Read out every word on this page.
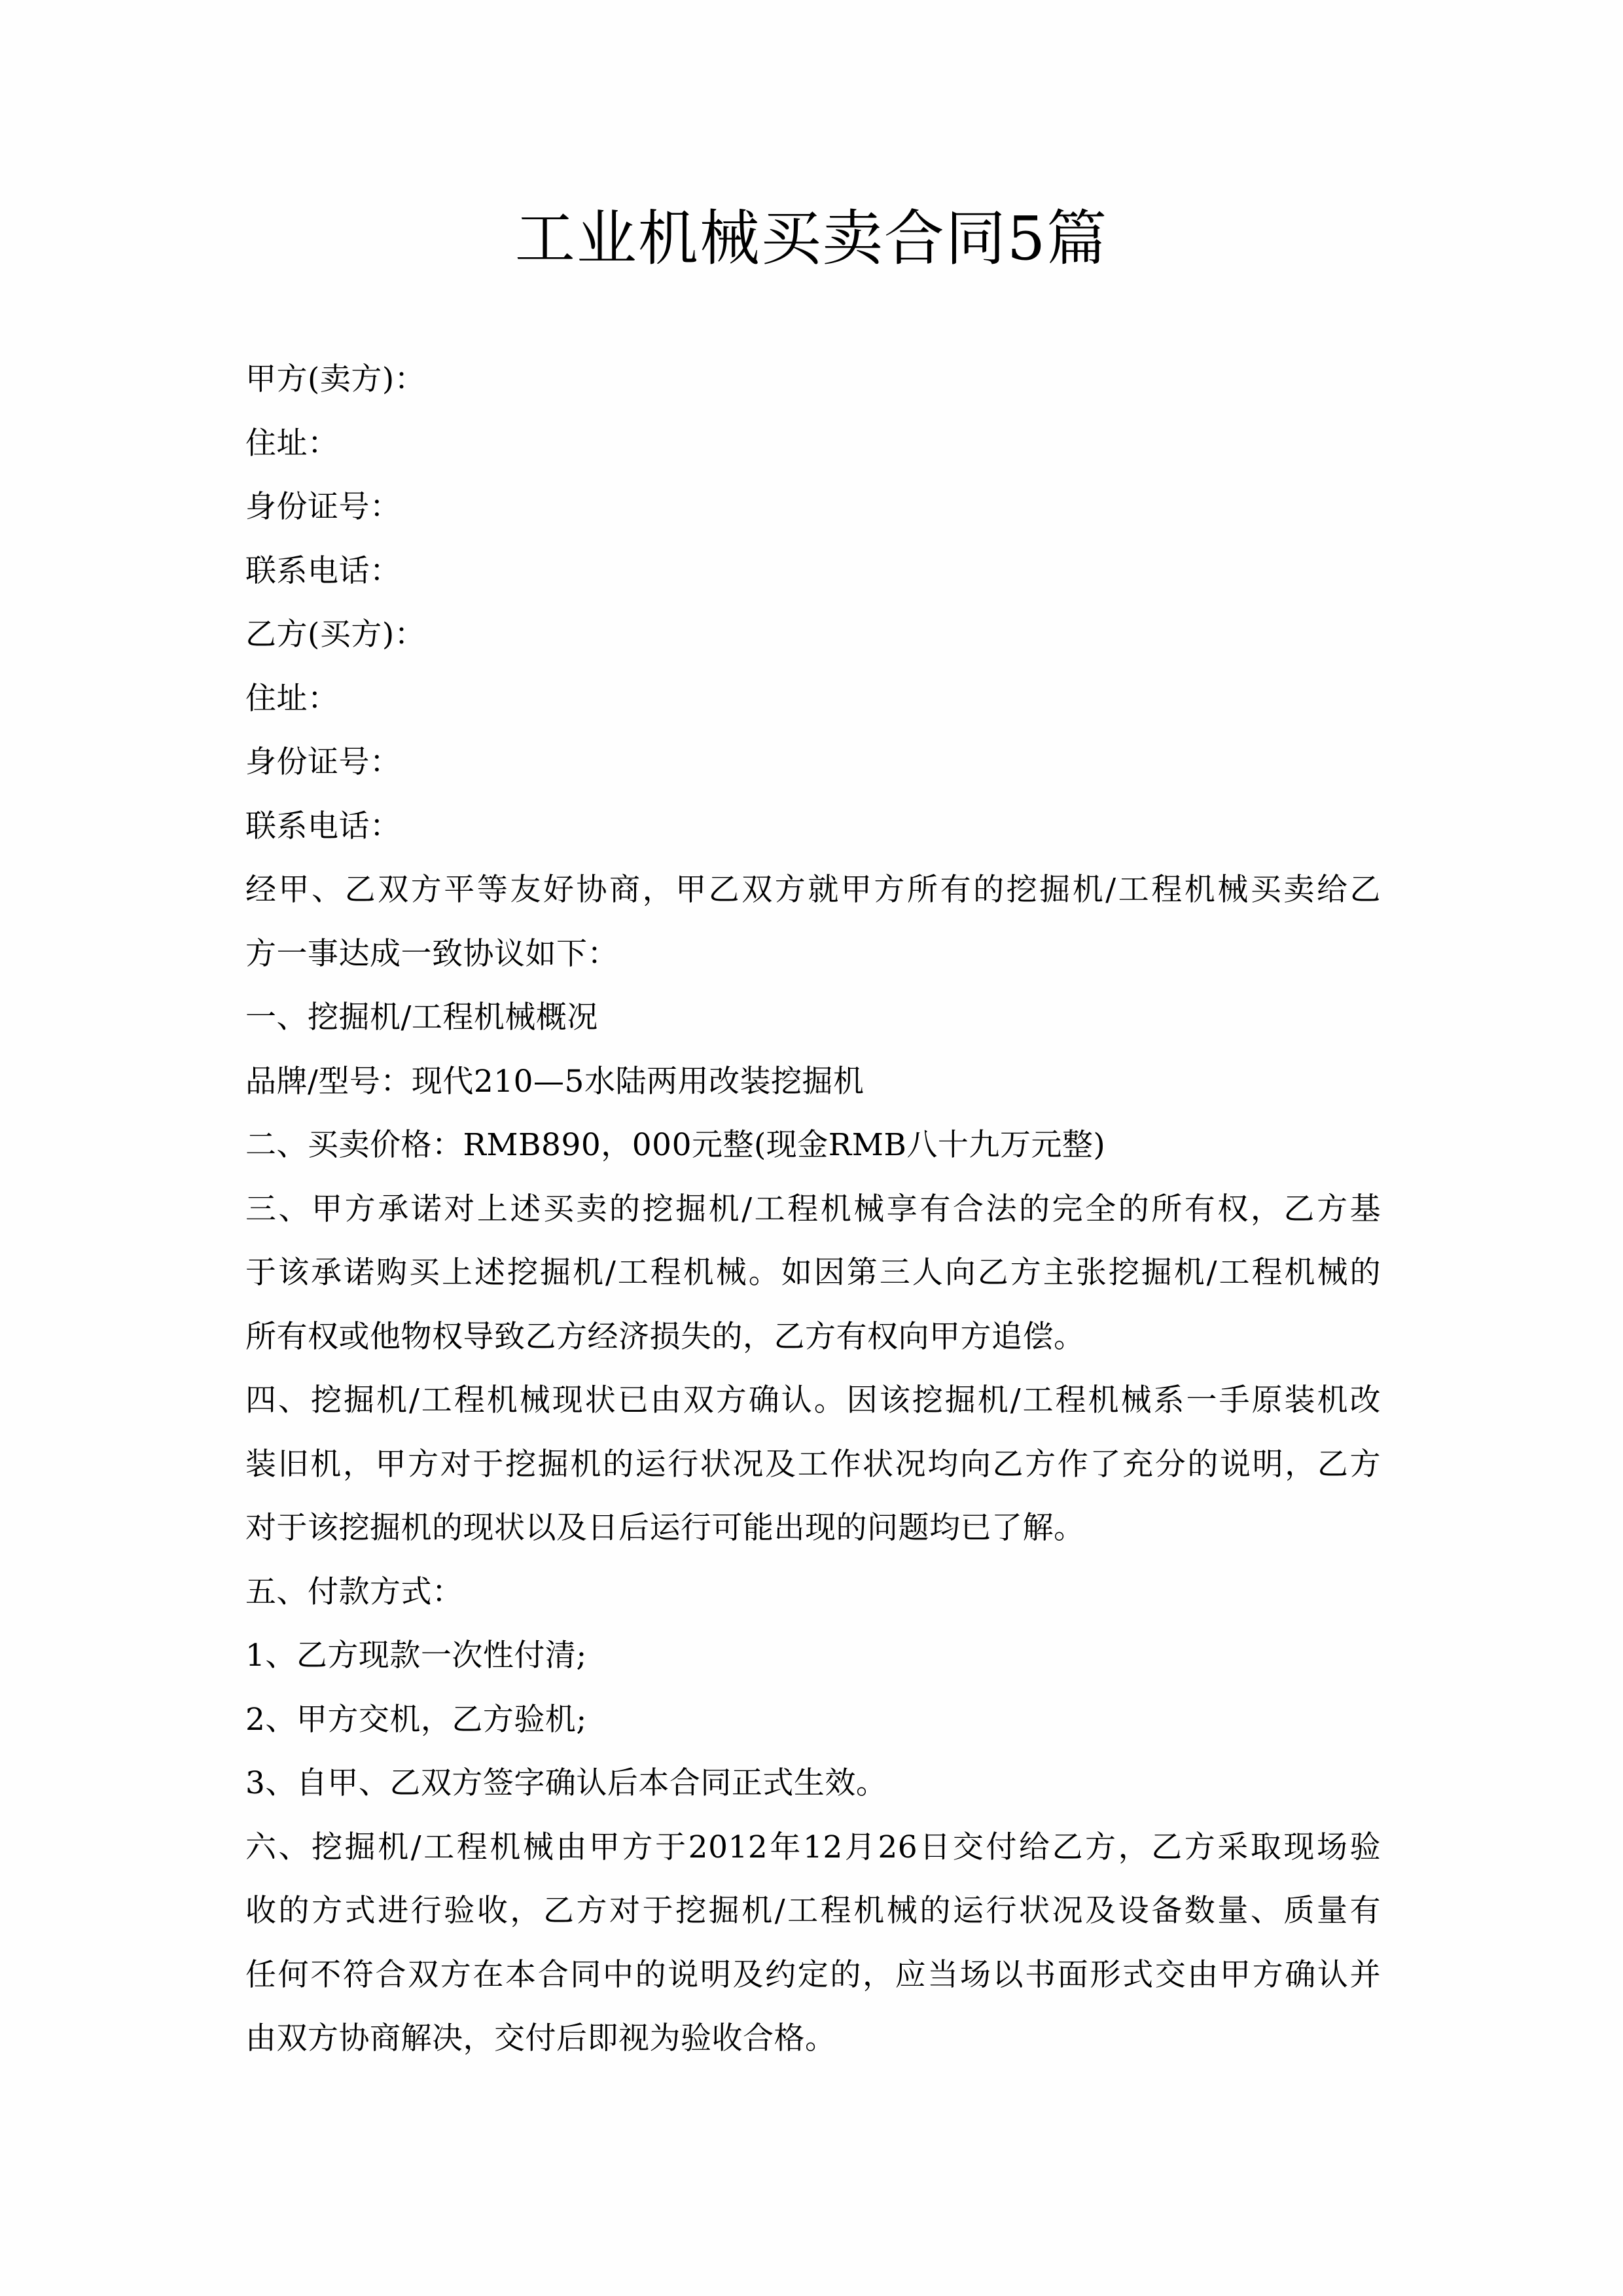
工业机械买卖合同5篇
甲方(卖方)：
住址：
身份证号：
联系电话：
乙方(买方)：
住址：
身份证号：
联系电话：
经甲、乙双方平等友好协商，甲乙双方就甲方所有的挖掘机/工程机械买卖给乙
方一事达成一致协议如下：
一、挖掘机/工程机械概况
品牌/型号：现代210—5水陆两用改装挖掘机
二、买卖价格：RMB890，000元整(现金RMB八十九万元整)
三、甲方承诺对上述买卖的挖掘机/工程机械享有合法的完全的所有权，乙方基
于该承诺购买上述挖掘机/工程机械。如因第三人向乙方主张挖掘机/工程机械的
所有权或他物权导致乙方经济损失的，乙方有权向甲方追偿。
四、挖掘机/工程机械现状已由双方确认。因该挖掘机/工程机械系一手原装机改
装旧机，甲方对于挖掘机的运行状况及工作状况均向乙方作了充分的说明，乙方
对于该挖掘机的现状以及日后运行可能出现的问题均已了解。
五、付款方式：
1、乙方现款一次性付清;
2、甲方交机，乙方验机;
3、自甲、乙双方签字确认后本合同正式生效。
六、挖掘机/工程机械由甲方于2012年12月26日交付给乙方，乙方采取现场验
收的方式进行验收，乙方对于挖掘机/工程机械的运行状况及设备数量、质量有
任何不符合双方在本合同中的说明及约定的，应当场以书面形式交由甲方确认并
由双方协商解决，交付后即视为验收合格。
